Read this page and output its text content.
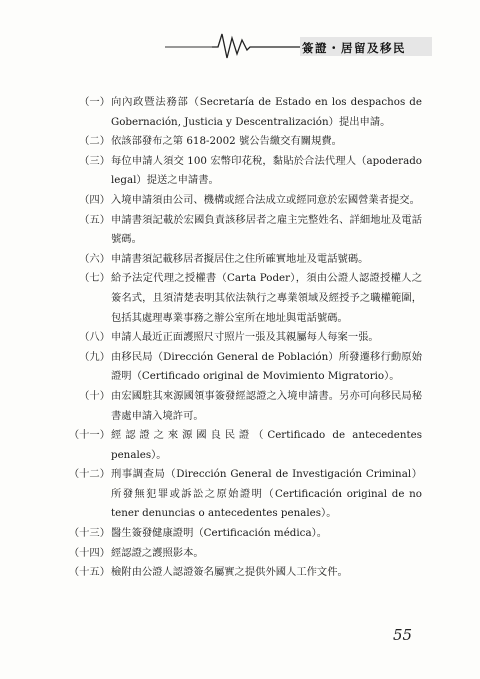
簽證・居留及移民
（一） 向內政暨法務部（Secretaría de Estado en los despachos de Gobernación, Justicia y Descentralización）提出申請。
（二） 依該部發布之第 618-2002 號公告繳交有關規費。
（三） 每位申請人須交 100 宏幣印花稅，黏貼於合法代理人（apoderado legal）提送之申請書。
（四） 入境申請須由公司、機構或經合法成立或經同意於宏國營業者提交。
（五） 申請書須記載於宏國負責該移居者之雇主完整姓名、詳細地址及電話號碼。
（六） 申請書須記載移居者擬居住之住所確實地址及電話號碼。
（七） 給予法定代理之授權書（Carta Poder），須由公證人認證授權人之簽名式，且須清楚表明其依法執行之專業領域及經授予之職權範圍，包括其處理專業事務之辦公室所在地址與電話號碼。
（八） 申請人最近正面護照尺寸照片一張及其親屬每人每案一張。
（九） 由移民局（Dirección General de Población）所發遷移行動原始證明（Certificado original de Movimiento Migratorio）。
（十） 由宏國駐其來源國領事簽發經認證之入境申請書。另亦可向移民局秘書處申請入境許可。
（十一） 經認證之來源國良民證（Certificado de antecedentes penales）。
（十二） 刑事調查局（Dirección General de Investigación Criminal）所發無犯罪或訴訟之原始證明（Certificación original de no tener denuncias o antecedentes penales）。
（十三） 醫生簽發健康證明（Certificación médica）。
（十四） 經認證之護照影本。
（十五） 檢附由公證人認證簽名屬實之提供外國人工作文件。
55
